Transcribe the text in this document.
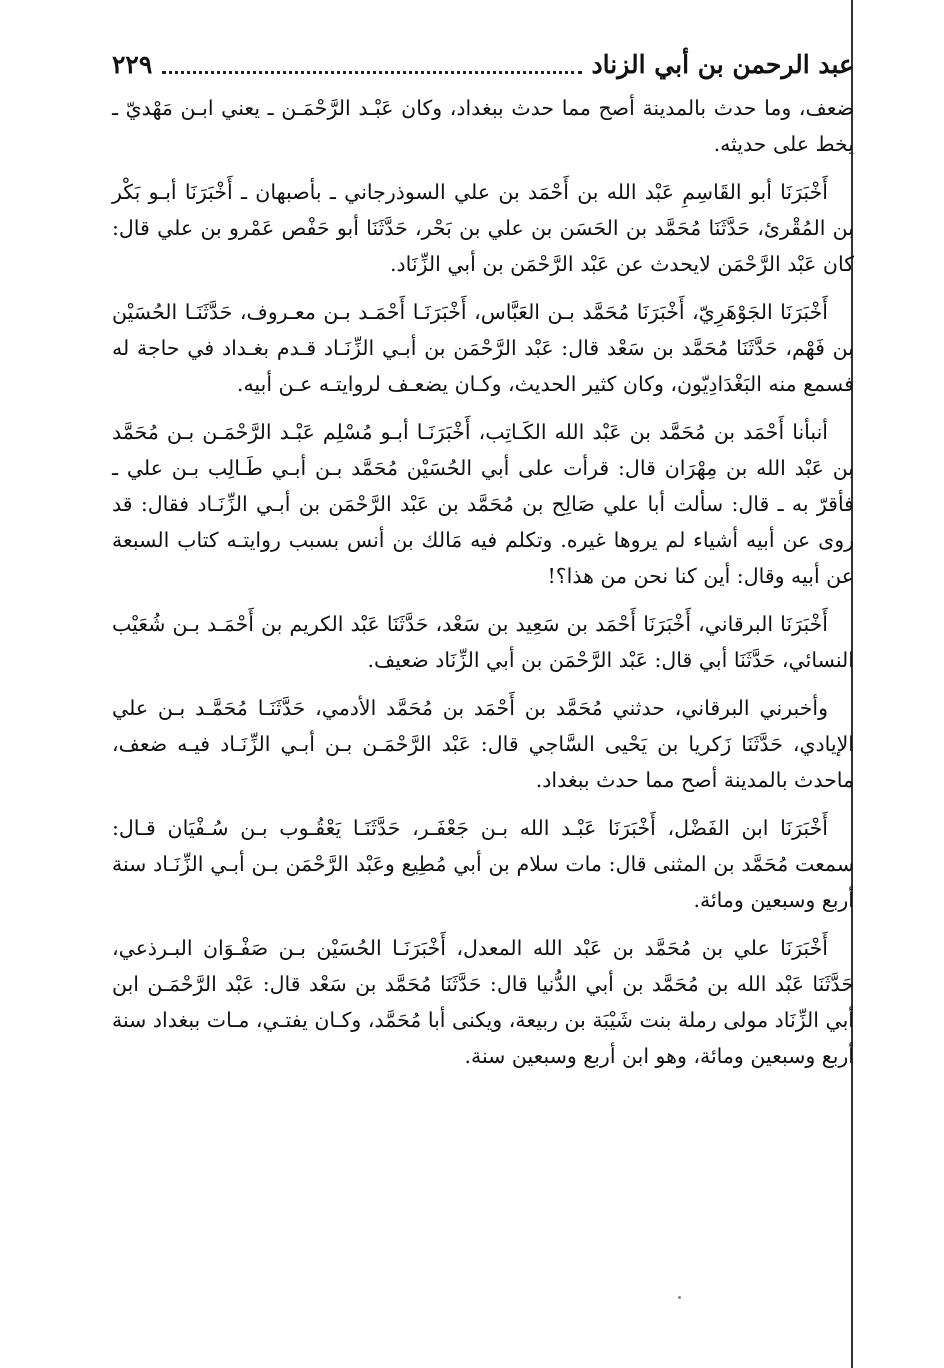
عبد الرحمن بن أبي الزناد
٢٢٩

ضعف، وما حدث بالمدينة أصح مما حدث ببغداد، وكان عَبْـد الرَّحْمَـن ـ يعني ابـن مَهْديّ ـ يخط على حديثه.

أَخْبَرَنَا أبو القَاسِمِ عَبْد الله بن أَحْمَد بن علي السوذرجاني ـ بأصبهان ـ أَخْبَرَنَا أبـو بَكْر بن المُقْرئ، حَدَّثَنَا مُحَمَّد بن الحَسَن بن علي بن بَحْر، حَدَّثَنَا أبو حَفْص عَمْرو بن علي قال: كان عَبْد الرَّحْمَن لايحدث عن عَبْد الرَّحْمَن بن أبي الزِّنَاد.

أَخْبَرَنَا الجَوْهَرِيّ، أَخْبَرَنَا مُحَمَّد بـن العَبَّاس، أَخْبَرَنَـا أَحْمَـد بـن معـروف، حَدَّثَنَـا الحُسَيْن بن فَهْم، حَدَّثَنَا مُحَمَّد بن سَعْد قال: عَبْد الرَّحْمَن بن أبـي الزِّنَـاد قـدم بغـداد في حاجة له فسمع منه البَغْدَادِيّون، وكان كثير الحديث، وكـان يضعـف لروايتـه عـن أبيه.

أنبأنا أَحْمَد بن مُحَمَّد بن عَبْد الله الكَـاتِب، أَخْبَرَنَـا أبـو مُسْلِم عَبْـد الرَّحْمَـن بـن مُحَمَّد بن عَبْد الله بن مِهْرَان قال: قرأت على أبي الحُسَيْن مُحَمَّد بـن أبـي طَـالِب بـن علي ـ فأقرّ به ـ قال: سألت أبا علي صَالِح بن مُحَمَّد بن عَبْد الرَّحْمَن بن أبـي الزِّنَـاد فقال: قد روى عن أبيه أشياء لم يروها غيره. وتكلم فيه مَالك بن أنس بسبب روايتـه كتاب السبعة عن أبيه وقال: أين كنا نحن من هذا؟!

أَخْبَرَنَا البرقاني، أَخْبَرَنَا أَحْمَد بن سَعِيد بن سَعْد، حَدَّثَنَا عَبْد الكريم بن أَحْمَـد بـن شُعَيْب النسائي، حَدَّثَنَا أبي قال: عَبْد الرَّحْمَن بن أبي الزِّنَاد ضعيف.

وأخبرني البرقاني، حدثني مُحَمَّد بن أَحْمَد بن مُحَمَّد الأدمي، حَدَّثَنَـا مُحَمَّـد بـن علي الإيادي، حَدَّثَنَا زَكريا بن يَحْيى السَّاجي قال: عَبْد الرَّحْمَـن بـن أبـي الزِّنَـاد فيـه ضعف، ماحدث بالمدينة أصح مما حدث ببغداد.

أَخْبَرَنَا ابن الفَضْل، أَخْبَرَنَا عَبْـد الله بـن جَعْفَـر، حَدَّثَنَـا يَعْقُـوب بـن سُـفْيَان قـال: سمعت مُحَمَّد بن المثنى قال: مات سلام بن أبي مُطِيع وعَبْد الرَّحْمَن بـن أبـي الزِّنَـاد سنة أربع وسبعين ومائة.

أَخْبَرَنَا علي بن مُحَمَّد بن عَبْد الله المعدل، أَخْبَرَنَـا الحُسَيْن بـن صَفْـوَان البـرذعي، حَدَّثَنَا عَبْد الله بن مُحَمَّد بن أبي الدُّنيا قال: حَدَّثَنَا مُحَمَّد بن سَعْد قال: عَبْد الرَّحْمَـن ابن أبي الزِّنَاد مولى رملة بنت شَيْبَة بن ربيعة، ويكنى أبا مُحَمَّد، وكـان يفتـي، مـات ببغداد سنة أربع وسبعين ومائة، وهو ابن أربع وسبعين سنة.
